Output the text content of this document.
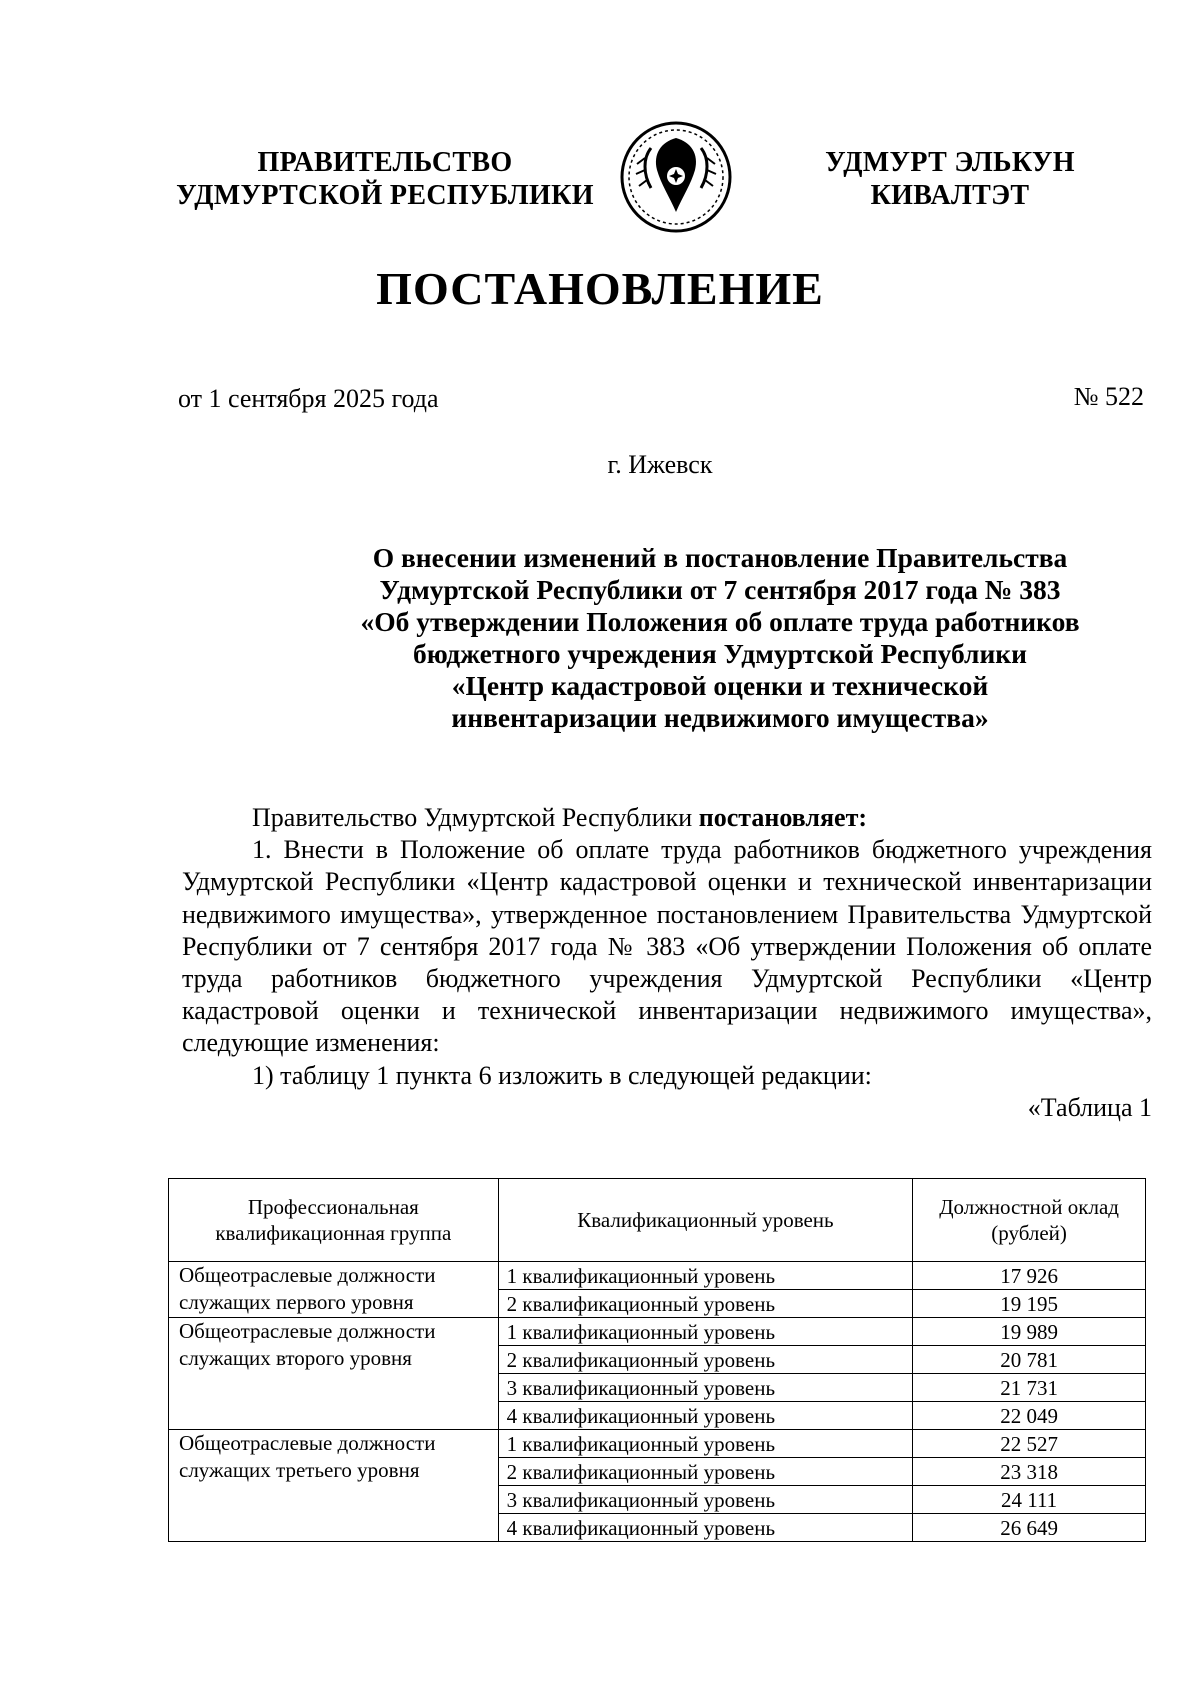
ПРАВИТЕЛЬСТВО
УДМУРТСКОЙ РЕСПУБЛИКИ
УДМУРТ ЭЛЬКУН
КИВАЛТЭТ
ПОСТАНОВЛЕНИЕ
от 1 сентября 2025 года	№ 522
г. Ижевск
О внесении изменений в постановление Правительства
Удмуртской Республики от 7 сентября 2017 года № 383
«Об утверждении Положения об оплате труда работников
бюджетного учреждения Удмуртской Республики
«Центр кадастровой оценки и технической
инвентаризации недвижимого имущества»
Правительство Удмуртской Республики постановляет:
1. Внести в Положение об оплате труда работников бюджетного учреждения Удмуртской Республики «Центр кадастровой оценки и технической инвентаризации недвижимого имущества», утвержденное постановлением Правительства Удмуртской Республики от 7 сентября 2017 года № 383 «Об утверждении Положения об оплате труда работников бюджетного учреждения Удмуртской Республики «Центр кадастровой оценки и технической инвентаризации недвижимого имущества», следующие изменения:
1) таблицу 1 пункта 6 изложить в следующей редакции:
«Таблица 1
Профессиональная квалификационная группа	Квалификационный уровень	Должностной оклад (рублей)
Общеотраслевые должности служащих первого уровня	1 квалификационный уровень	17 926
	2 квалификационный уровень	19 195
Общеотраслевые должности служащих второго уровня	1 квалификационный уровень	19 989
	2 квалификационный уровень	20 781
	3 квалификационный уровень	21 731
	4 квалификационный уровень	22 049
Общеотраслевые должности служащих третьего уровня	1 квалификационный уровень	22 527
	2 квалификационный уровень	23 318
	3 квалификационный уровень	24 111
	4 квалификационный уровень	26 649
